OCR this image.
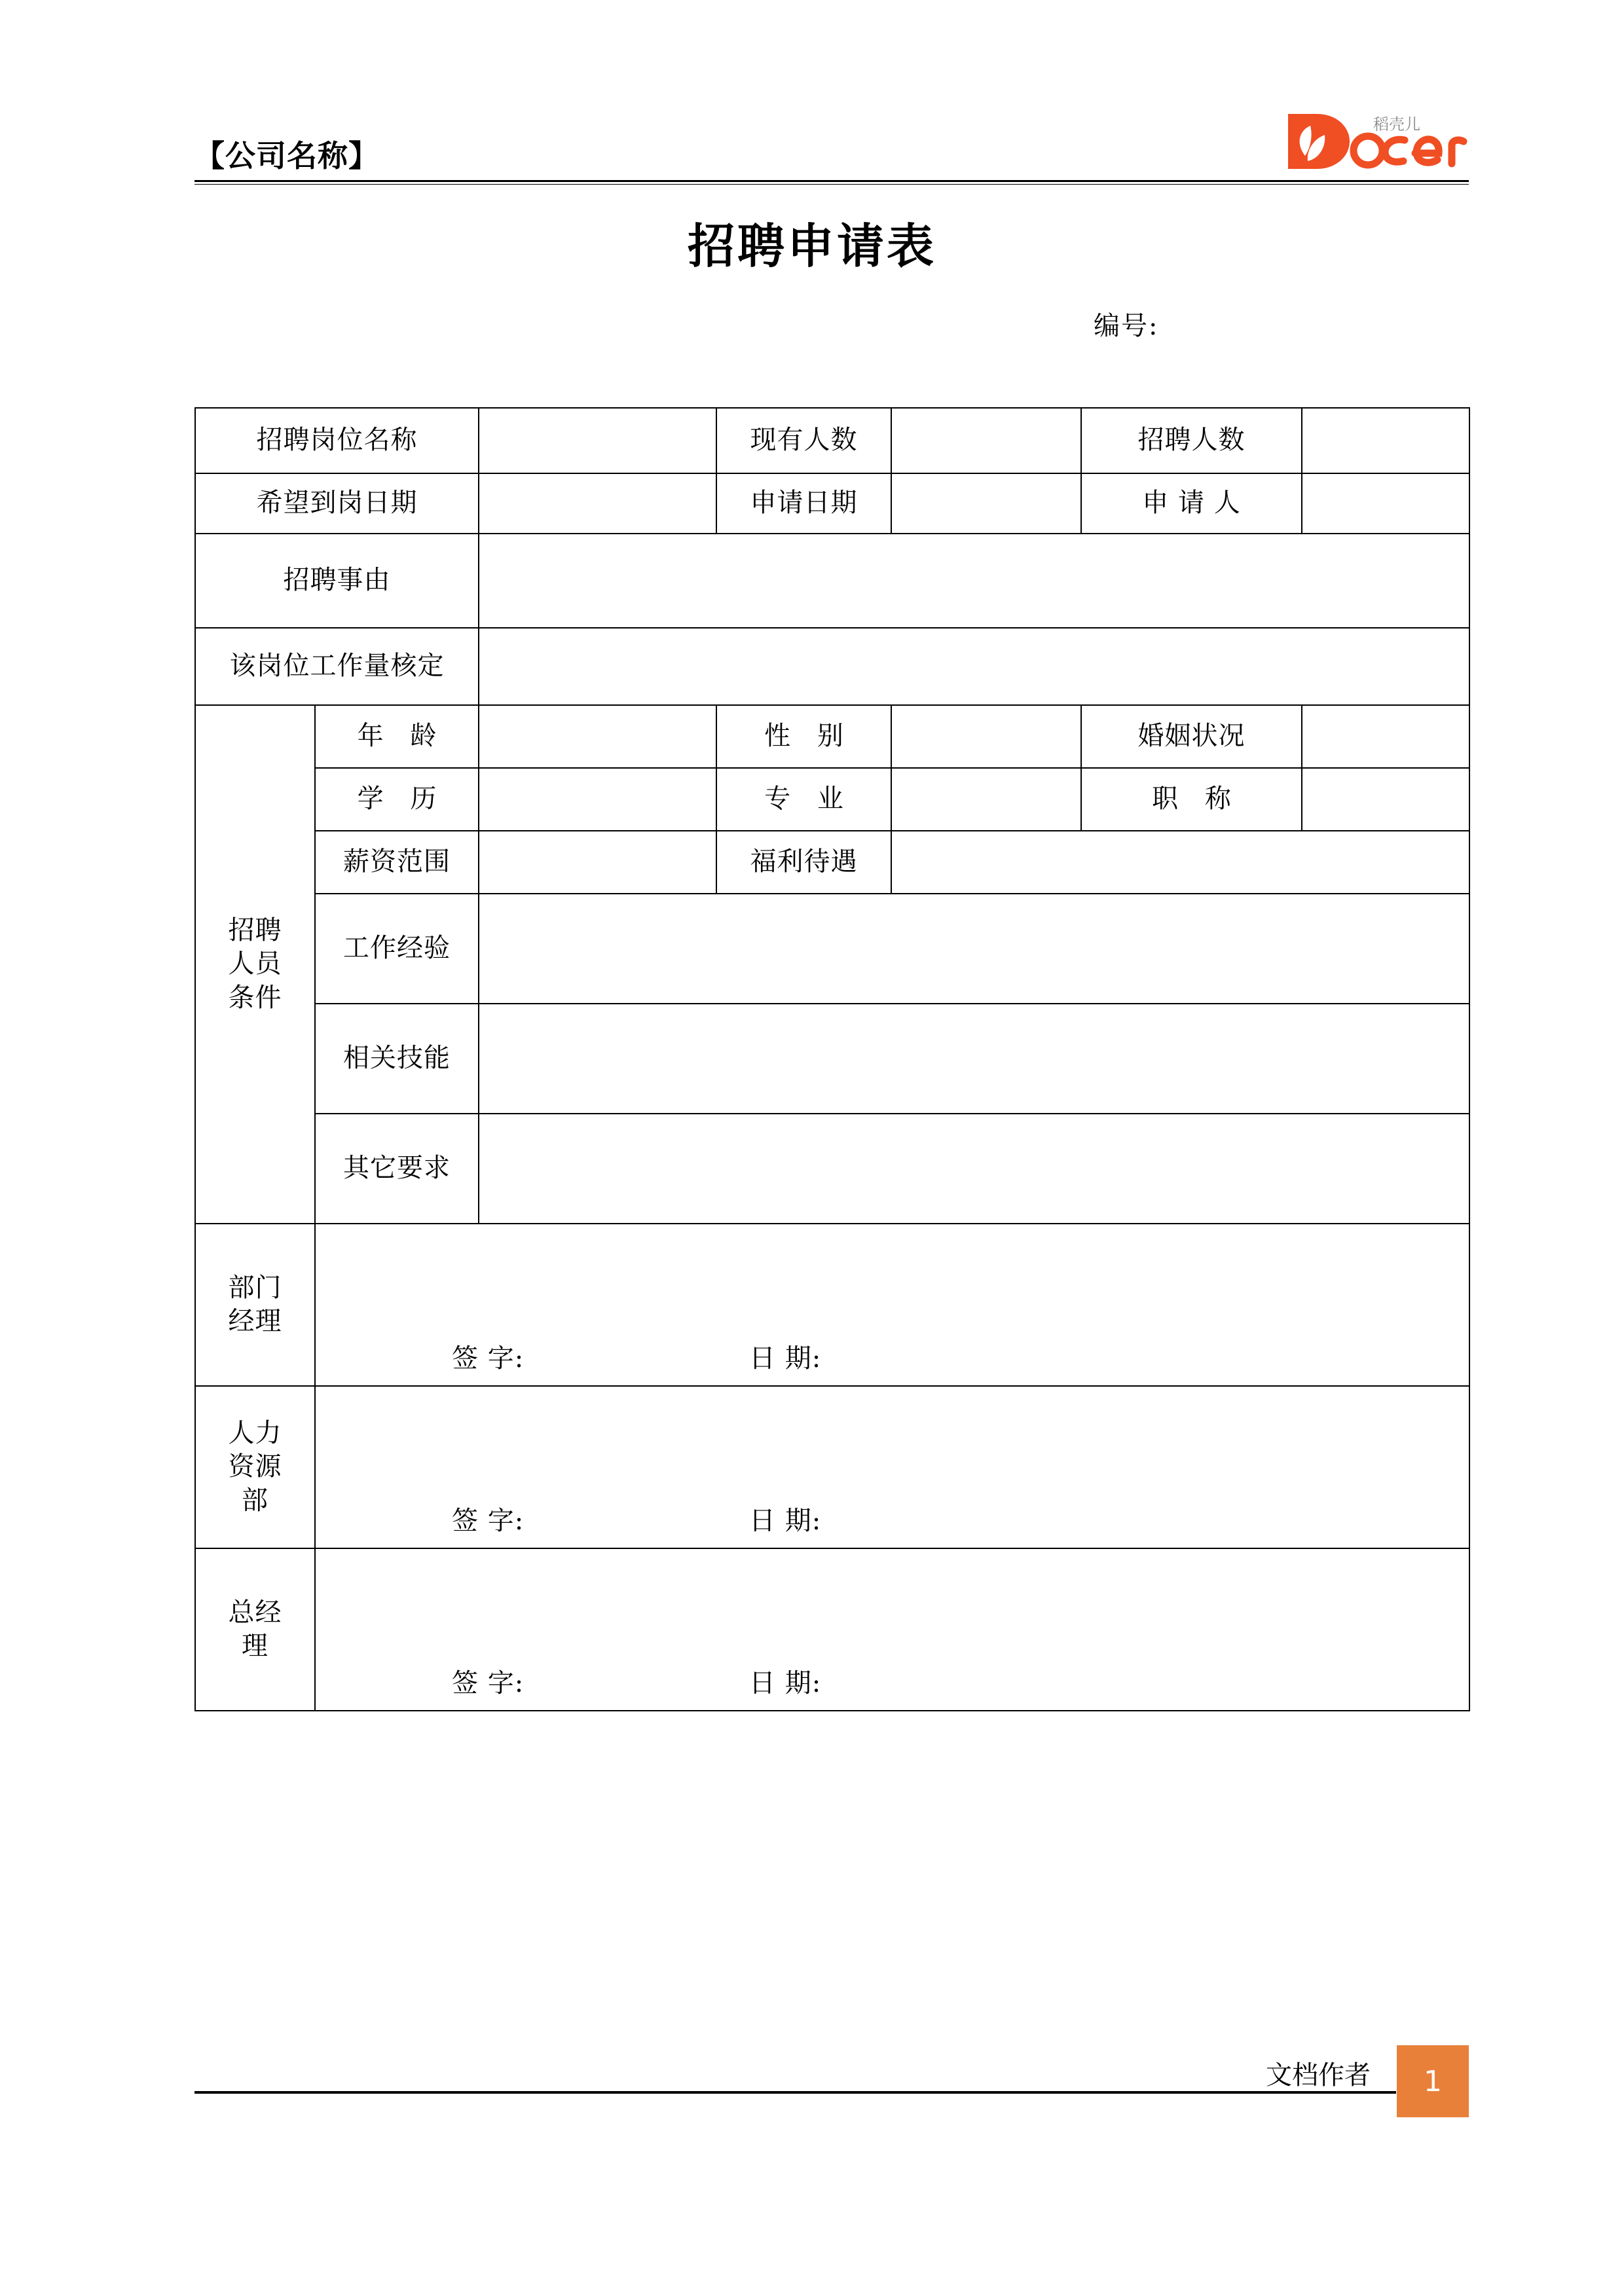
【公司名称】
稻壳儿
招聘申请表
编号:
招聘岗位名称			现有人数		招聘人数	
希望到岗日期			申请日期		申 请 人	
招聘事由						
该岗位工作量核定						

招聘
人员
条件	年 龄		性 别		婚姻状况	
	学 历		专 业		职 称	
	薪资范围		福利待遇			
	工作经验					
	相关技能					
	其它要求					

部门
经理

签 字:	日 期:

人力
资源
部

签 字:	日 期:

总经
理

签 字:	日 期:
文档作者	1
